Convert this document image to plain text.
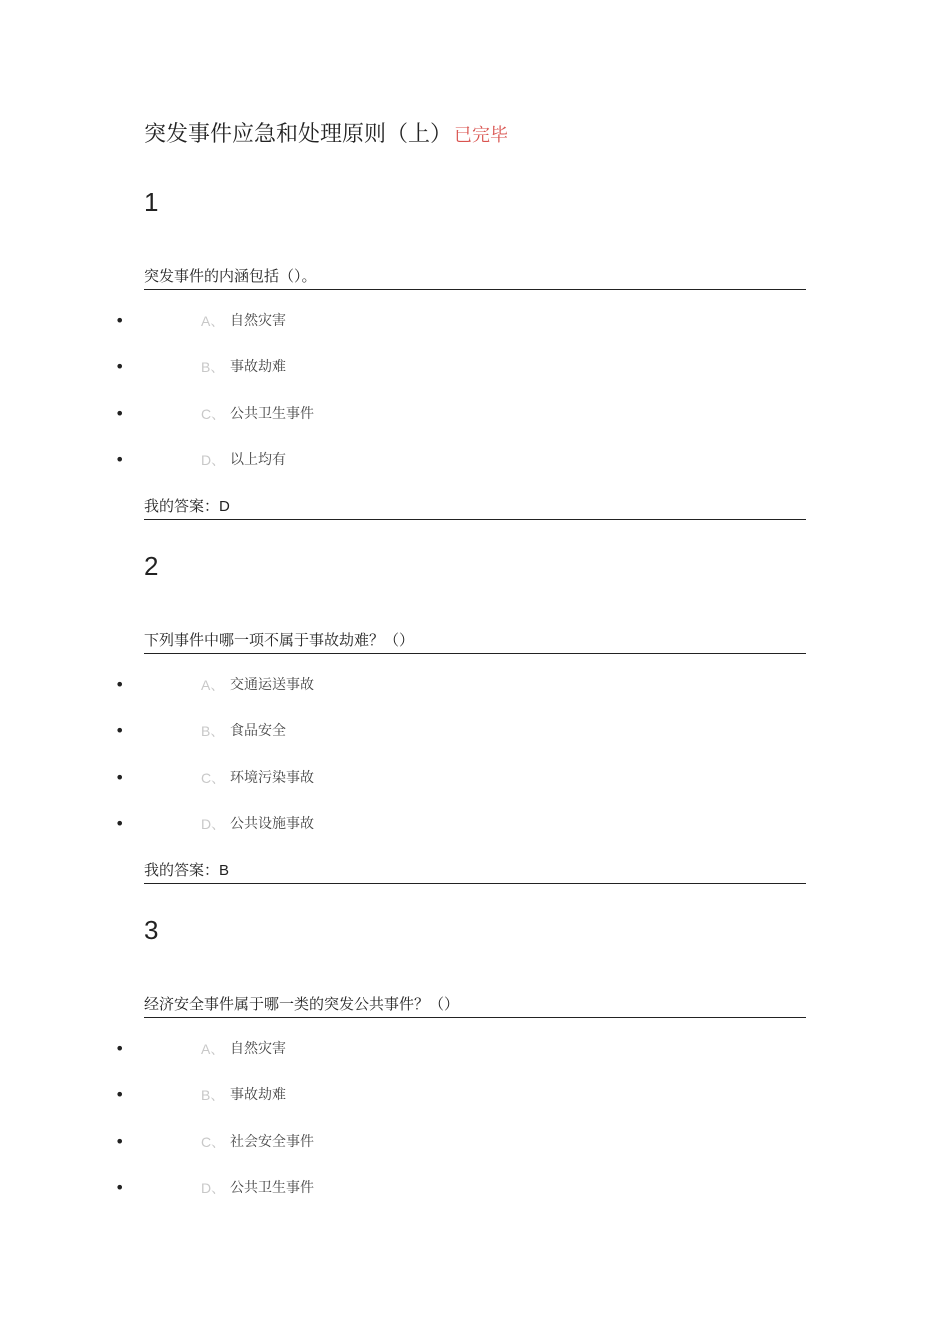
突发事件应急和处理原则（上） 已完毕
1
突发事件的内涵包括（）。
•	A、 自然灾害
•	B、 事故劫难
•	C、 公共卫生事件
•	D、 以上均有
我的答案：D
2
下列事件中哪一项不属于事故劫难？（）
•	A、 交通运送事故
•	B、 食品安全
•	C、 环境污染事故
•	D、 公共设施事故
我的答案：B
3
经济安全事件属于哪一类的突发公共事件？（）
•	A、 自然灾害
•	B、 事故劫难
•	C、 社会安全事件
•	D、 公共卫生事件
